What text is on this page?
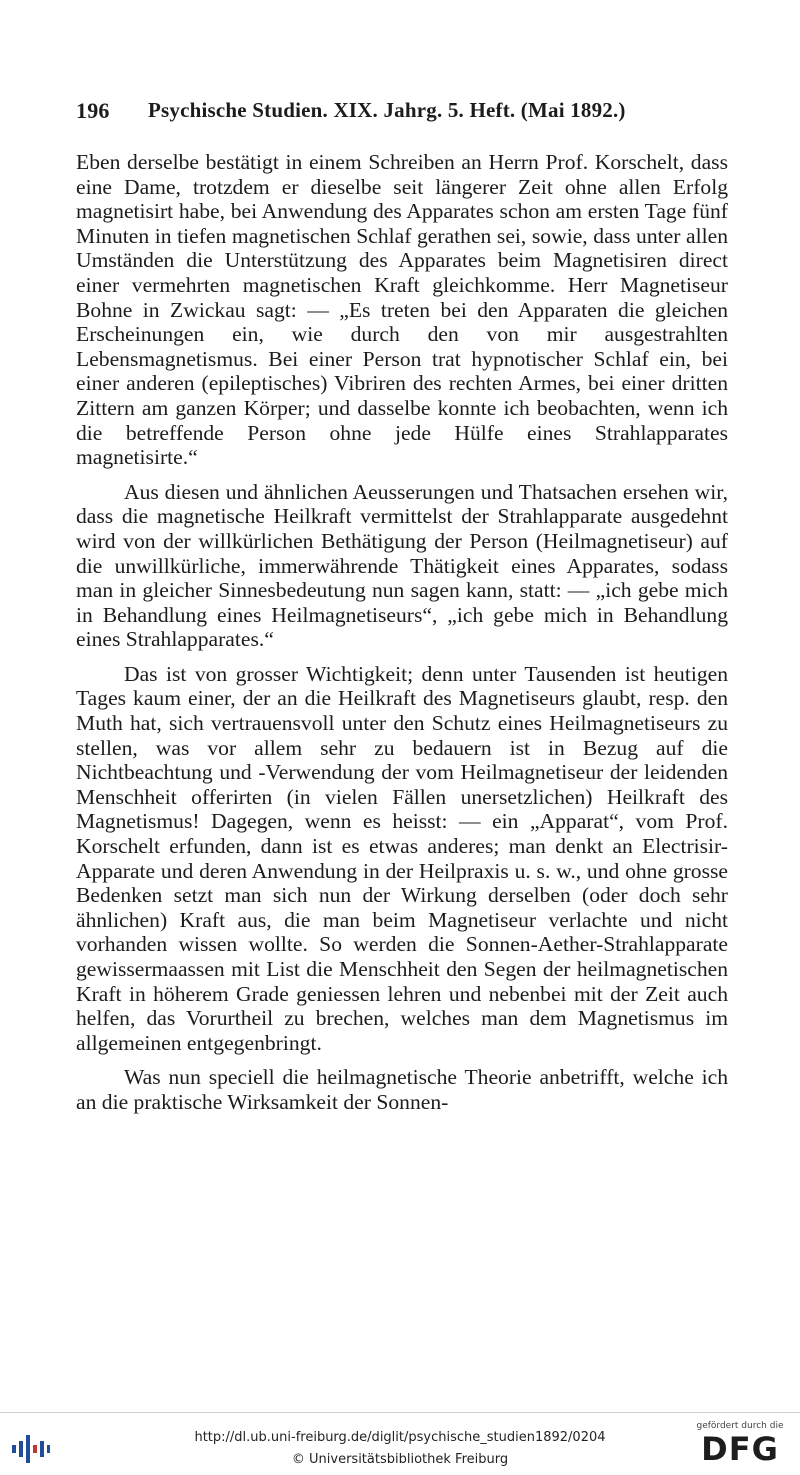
196 Psychische Studien. XIX. Jahrg. 5. Heft. (Mai 1892.)

Eben derselbe bestätigt in einem Schreiben an Herrn Prof. Korschelt, dass eine Dame, trotzdem er dieselbe seit längerer Zeit ohne allen Erfolg magnetisirt habe, bei Anwendung des Apparates schon am ersten Tage fünf Minuten in tiefen magnetischen Schlaf gerathen sei, sowie, dass unter allen Umständen die Unterstützung des Apparates beim Magnetisiren direct einer vermehrten magnetischen Kraft gleichkomme. Herr Magnetiseur Bohne in Zwickau sagt: — „Es treten bei den Apparaten die gleichen Erscheinungen ein, wie durch den von mir ausgestrahlten Lebensmagnetismus. Bei einer Person trat hypnotischer Schlaf ein, bei einer anderen (epileptisches) Vibriren des rechten Armes, bei einer dritten Zittern am ganzen Körper; und dasselbe konnte ich beobachten, wenn ich die betreffende Person ohne jede Hülfe eines Strahlapparates magnetisirte.“

Aus diesen und ähnlichen Aeusserungen und Thatsachen ersehen wir, dass die magnetische Heilkraft vermittelst der Strahlapparate ausgedehnt wird von der willkürlichen Bethätigung der Person (Heilmagnetiseur) auf die unwillkürliche, immerwährende Thätigkeit eines Apparates, sodass man in gleicher Sinnesbedeutung nun sagen kann, statt: — „ich gebe mich in Behandlung eines Heilmagnetiseurs“, „ich gebe mich in Behandlung eines Strahlapparates.“

Das ist von grosser Wichtigkeit; denn unter Tausenden ist heutigen Tages kaum einer, der an die Heilkraft des Magnetiseurs glaubt, resp. den Muth hat, sich vertrauensvoll unter den Schutz eines Heilmagnetiseurs zu stellen, was vor allem sehr zu bedauern ist in Bezug auf die Nichtbeachtung und -Verwendung der vom Heilmagnetiseur der leidenden Menschheit offerirten (in vielen Fällen unersetzlichen) Heilkraft des Magnetismus! Dagegen, wenn es heisst: — ein „Apparat“, vom Prof. Korschelt erfunden, dann ist es etwas anderes; man denkt an Electrisir-Apparate und deren Anwendung in der Heilpraxis u. s. w., und ohne grosse Bedenken setzt man sich nun der Wirkung derselben (oder doch sehr ähnlichen) Kraft aus, die man beim Magnetiseur verlachte und nicht vorhanden wissen wollte. So werden die Sonnen-Aether-Strahlapparate gewissermaassen mit List die Menschheit den Segen der heilmagnetischen Kraft in höherem Grade geniessen lehren und nebenbei mit der Zeit auch helfen, das Vorurtheil zu brechen, welches man dem Magnetismus im allgemeinen entgegenbringt.

Was nun speciell die heilmagnetische Theorie anbetrifft, welche ich an die praktische Wirksamkeit der Sonnen-

http://dl.ub.uni-freiburg.de/diglit/psychische_studien1892/0204
© Universitätsbibliothek Freiburg
gefördert durch die
DFG
